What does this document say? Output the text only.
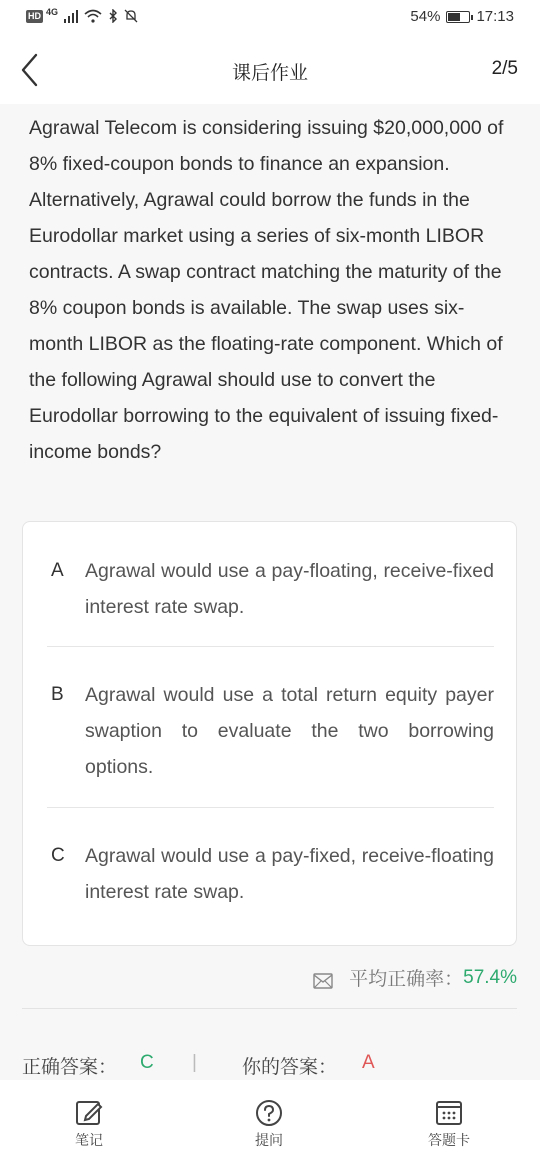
HD 4G	54% 17:13
课后作业	2/5
Agrawal Telecom is considering issuing $20,000,000 of 8% fixed-coupon bonds to finance an expansion. Alternatively, Agrawal could borrow the funds in the Eurodollar market using a series of six-month LIBOR contracts. A swap contract matching the maturity of the 8% coupon bonds is available. The swap uses six-month LIBOR as the floating-rate component. Which of the following Agrawal should use to convert the Eurodollar borrowing to the equivalent of issuing fixed-income bonds?
A Agrawal would use a pay-floating, receive-fixed interest rate swap.
B Agrawal would use a total return equity payer swaption to evaluate the two borrowing options.
C Agrawal would use a pay-fixed, receive-floating interest rate swap.
平均正确率： 57.4%
正确答案： C | 你的答案： A
笔记	提问	答题卡
